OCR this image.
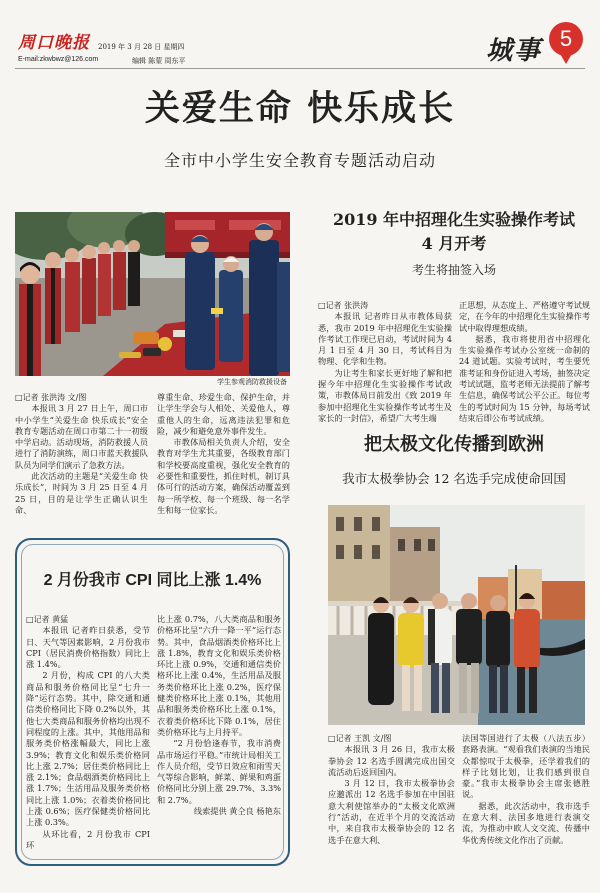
周口晚报 2019 年 3 月 28 日 星期四
E-mail:zkwbwz@126.com	编辑 陈蒙 周东平	城事 5
关爱生命 快乐成长
全市中小学生安全教育专题活动启动
学生参观消防救援设备

□记者 张洪涛 文/图

本报讯 3 月 27 日上午，周口市中小学生“关爱生命 快乐成长”安全教育专题活动在周口市第二十一初级中学启动。活动现场，消防救援人员进行了消防演练，周口市蓝天救援队队员为同学们演示了急救方法。

此次活动的主题是“关爱生命 快乐成长”，时间为 3 月 25 日至 4 月 25 日，目的是让学生正确认识生命、

尊重生命、珍爱生命、保护生命，并让学生学会与人相处、关爱他人，尊重他人的生命，远离违法犯罪和危险，减少和避免意外事件发生。

市教体局相关负责人介绍，安全教育对学生尤其重要，各级教育部门和学校要高度重视，强化安全教育的必要性和重要性，抓住时机，制订具体可行的活动方案，确保活动覆盖到每一所学校、每一个班级、每一名学生和每一位家长。

2019 年中招理化生实验操作考试
4 月开考
考生将抽签入场

□记者 张洪涛

本报讯 记者昨日从市教体局获悉，我市 2019 年中招理化生实验操作考试工作现已启动，考试时间为 4 月 1 日至 4 月 30 日，考试科目为物理、化学和生物。

为让考生和家长更好地了解和把握今年中招理化生实验操作考试政策，市教体局日前发出《致 2019 年参加中招理化生实验操作考试考生及家长的一封信》，希望广大考生端

正思想，从态度上、严格遵守考试规定，在今年的中招理化生实验操作考试中取得理想成绩。

据悉，我市将使用省中招理化生实验操作考试办公室统一命制的 24 道试题。实验考试时，考生要凭准考证和身份证进入考场，抽签决定考试试题，监考老师无法提前了解考生信息，确保考试公平公正。每位考生的考试时间为 15 分钟，每场考试结束后即公布考试成绩。

把太极文化传播到欧洲
我市太极拳协会 12 名选手完成使命回国

□记者 王凯 文/图

本报讯 3 月 26 日，我市太极拳协会 12 名选手圆满完成出国交流活动后返回国内。

3 月 12 日，我市太极拳协会应邀派出 12 名选手参加在中国驻意大利使馆举办的“太极文化欧洲行”活动，在近半个月的交流活动中，来自我市太极拳协会的 12 名选手在意大利、

法国等国进行了太极（八法五步）套路表演。“观看我们表演的当地民众都惊叹于太极拳，还学着我们的样子比划比划，让我们感到很自豪。”我市太极拳协会主席张德胜说。

据悉，此次活动中，我市选手在意大利、法国多地进行表演交流，为推动中欧人文交流、传播中华优秀传统文化作出了贡献。

2 月份我市 CPI 同比上涨 1.4%

□记者 黄猛

本报讯 记者昨日获悉，受节日、天气等因素影响，2 月份我市 CPI（居民消费价格指数）同比上涨 1.4%。

2 月份，构成 CPI 的八大类商品和服务价格同比呈“七升一降”运行态势。其中，除交通和通信类价格同比下降 0.2%以外，其他七大类商品和服务价格均出现不同程度的上涨。其中，其他用品和服务类价格涨幅最大，同比上涨 3.9%；教育文化和娱乐类价格同比上涨 2.7%；居住类价格同比上涨 2.1%；食品烟酒类价格同比上涨 1.7%；生活用品及服务类价格同比上涨 1.0%；衣着类价格同比上涨 0.6%；医疗保健类价格同比上涨 0.3%。

从环比看，2 月份我市 CPI 环

比上涨 0.7%，八大类商品和服务价格环比呈“六升一降一平”运行态势。其中，食品烟酒类价格环比上涨 1.8%，教育文化和娱乐类价格环比上涨 0.9%，交通和通信类价格环比上涨 0.4%，生活用品及服务类价格环比上涨 0.2%，医疗保健类价格环比上涨 0.1%，其他用品和服务类价格环比上涨 0.1%，衣着类价格环比下降 0.1%，居住类价格环比与上月持平。

“2 月份恰逢春节，我市消费品市场运行平稳。”市统计局相关工作人员介绍，受节日效应和雨雪天气等综合影响，鲜菜、鲜果和鸡蛋价格同比分别上涨 29.7%、3.3%和 2.7%。

线索提供 黄仝良 杨艳东
